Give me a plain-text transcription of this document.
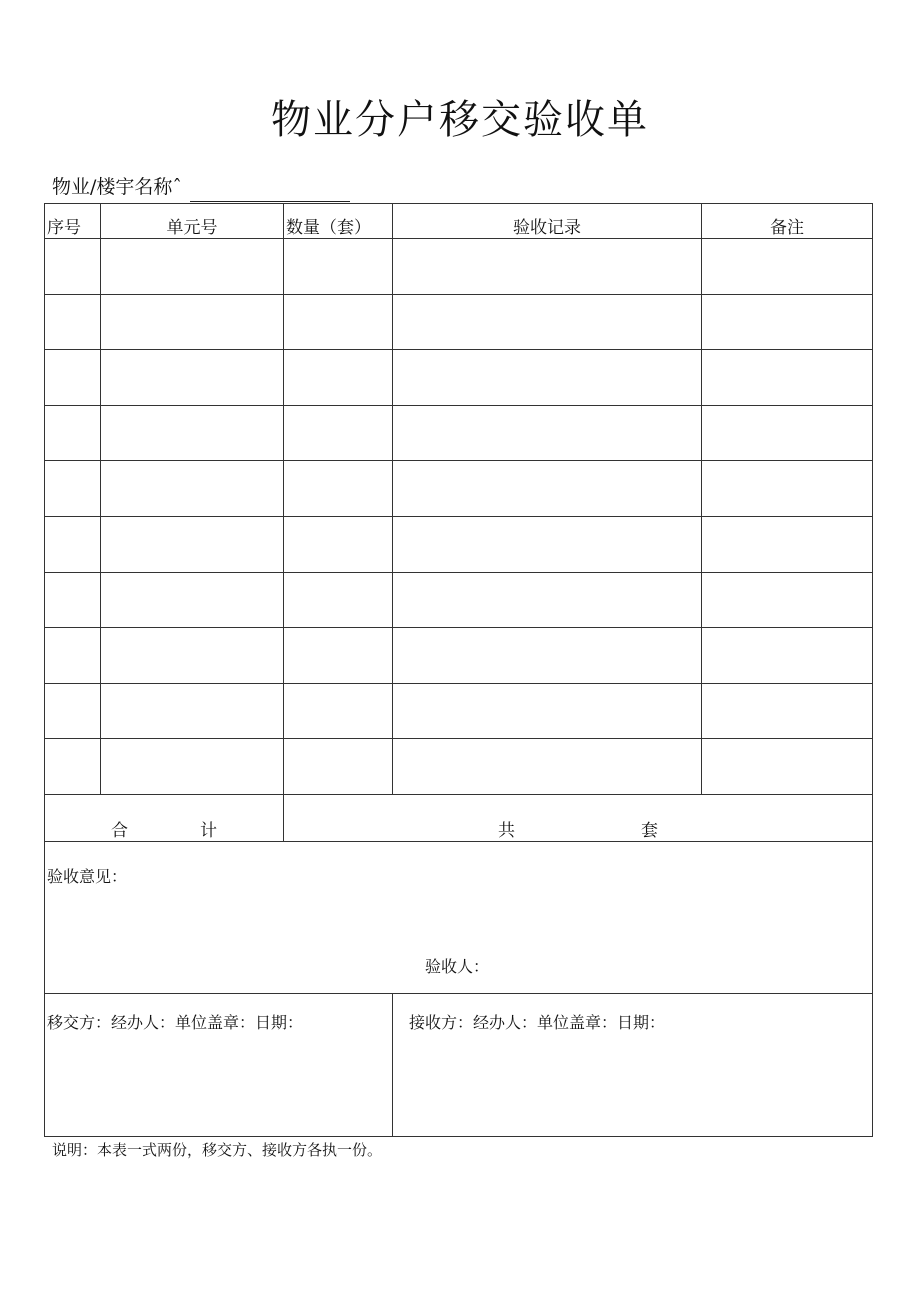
物业分户移交验收单
物业/楼宇名称ˆ
序号	单元号	数量（套）	验收记录	备注

合 计		共 套		

验收意见：
验收人：				

移交方：经办人：单位盖章：日期：			接收方：经办人：单位盖章：日期：	
说明：本表一式两份，移交方、接收方各执一份。
